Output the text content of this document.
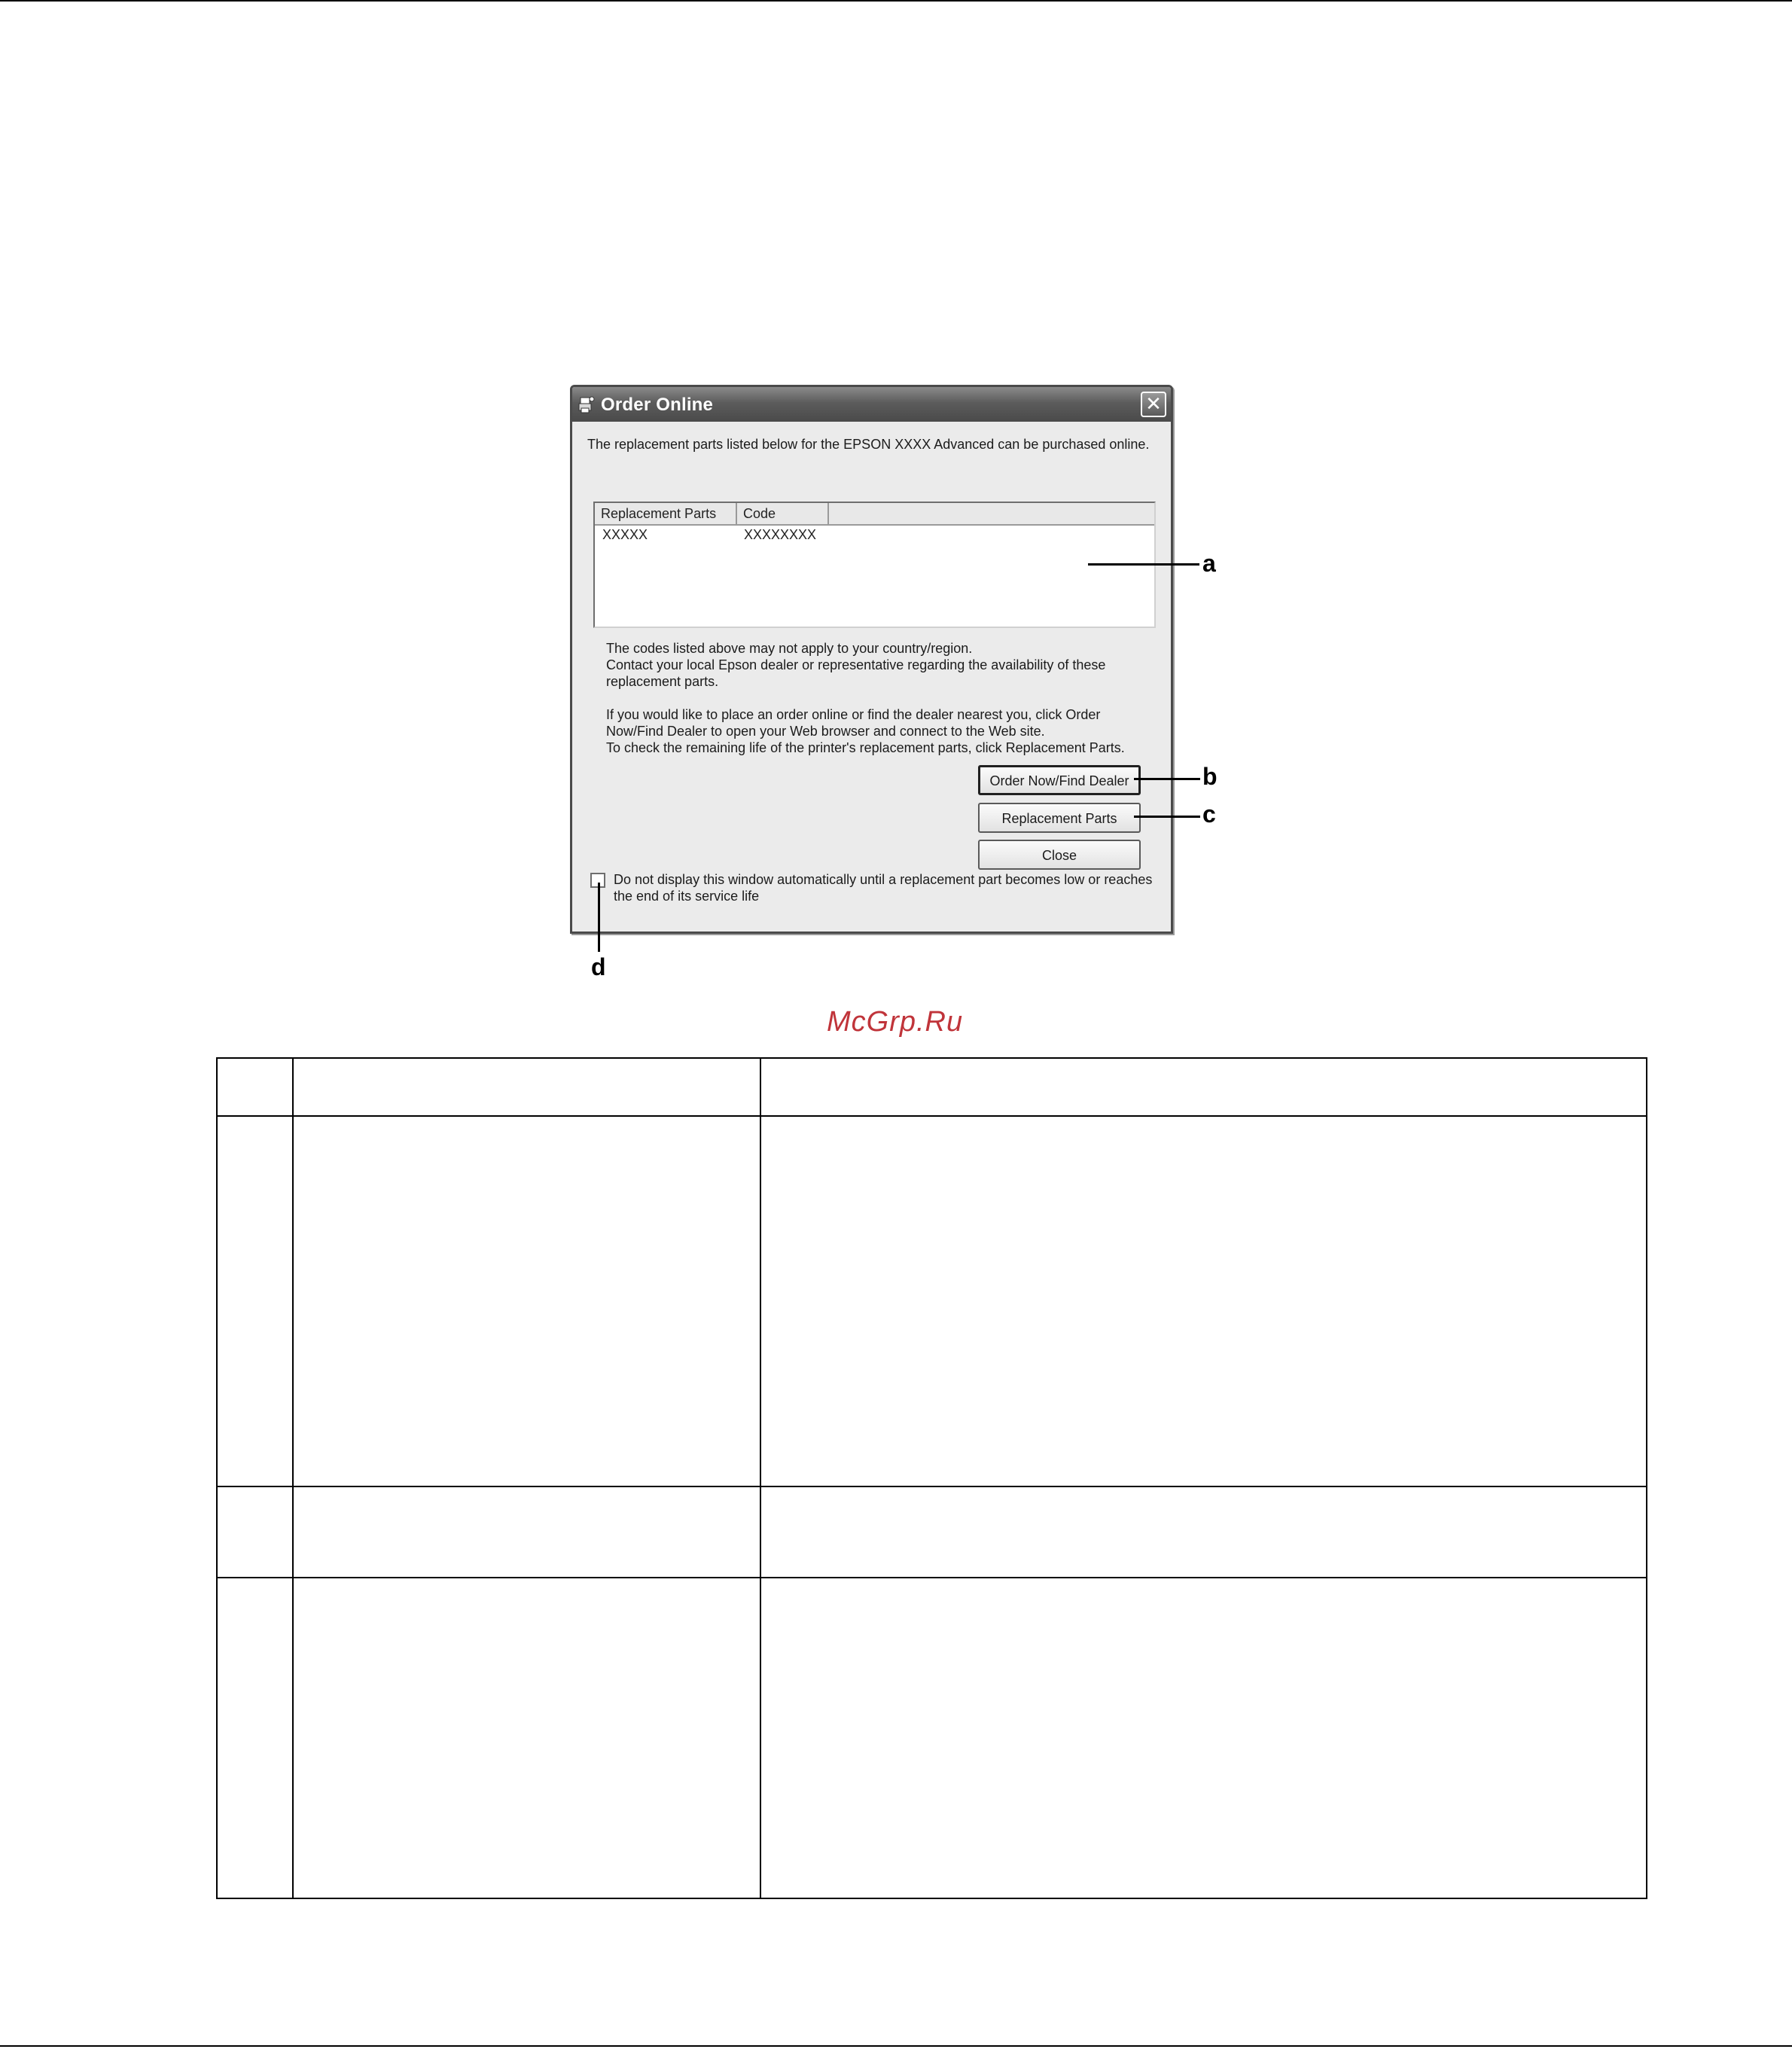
Order Online	✕
The replacement parts listed below for the EPSON XXXX Advanced can be purchased online.
Replacement Parts	Code
XXXXX	XXXXXXXX
The codes listed above may not apply to your country/region.
Contact your local Epson dealer or representative regarding the availability of these
replacement parts.
If you would like to place an order online or find the dealer nearest you, click Order
Now/Find Dealer to open your Web browser and connect to the Web site.
To check the remaining life of the printer's replacement parts, click Replacement Parts.
Order Now/Find Dealer
Replacement Parts
Close
Do not display this window automatically until a replacement part becomes low or reaches
the end of its service life
a
b
c
d
McGrp.Ru
